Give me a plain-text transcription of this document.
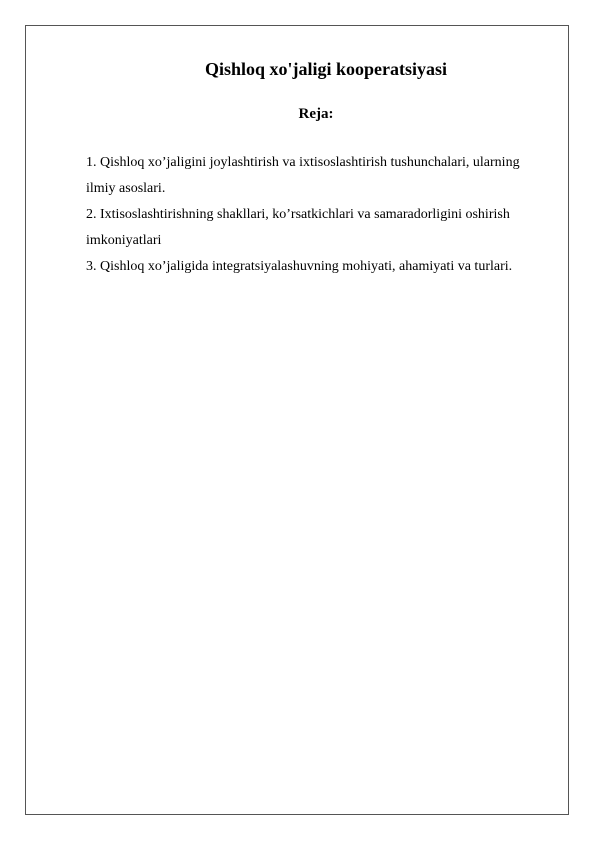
Qishloq xo'jaligi kooperatsiyasi
Reja:

1. Qishloq xo’jaligini joylashtirish va ixtisoslashtirish tushunchalari, ularning ilmiy asoslari.

2. Ixtisoslashtirishning shakllari, ko’rsatkichlari va samaradorligini oshirish imkoniyatlari

3. Qishloq xo’jaligida integratsiyalashuvning mohiyati, ahamiyati va turlari.
